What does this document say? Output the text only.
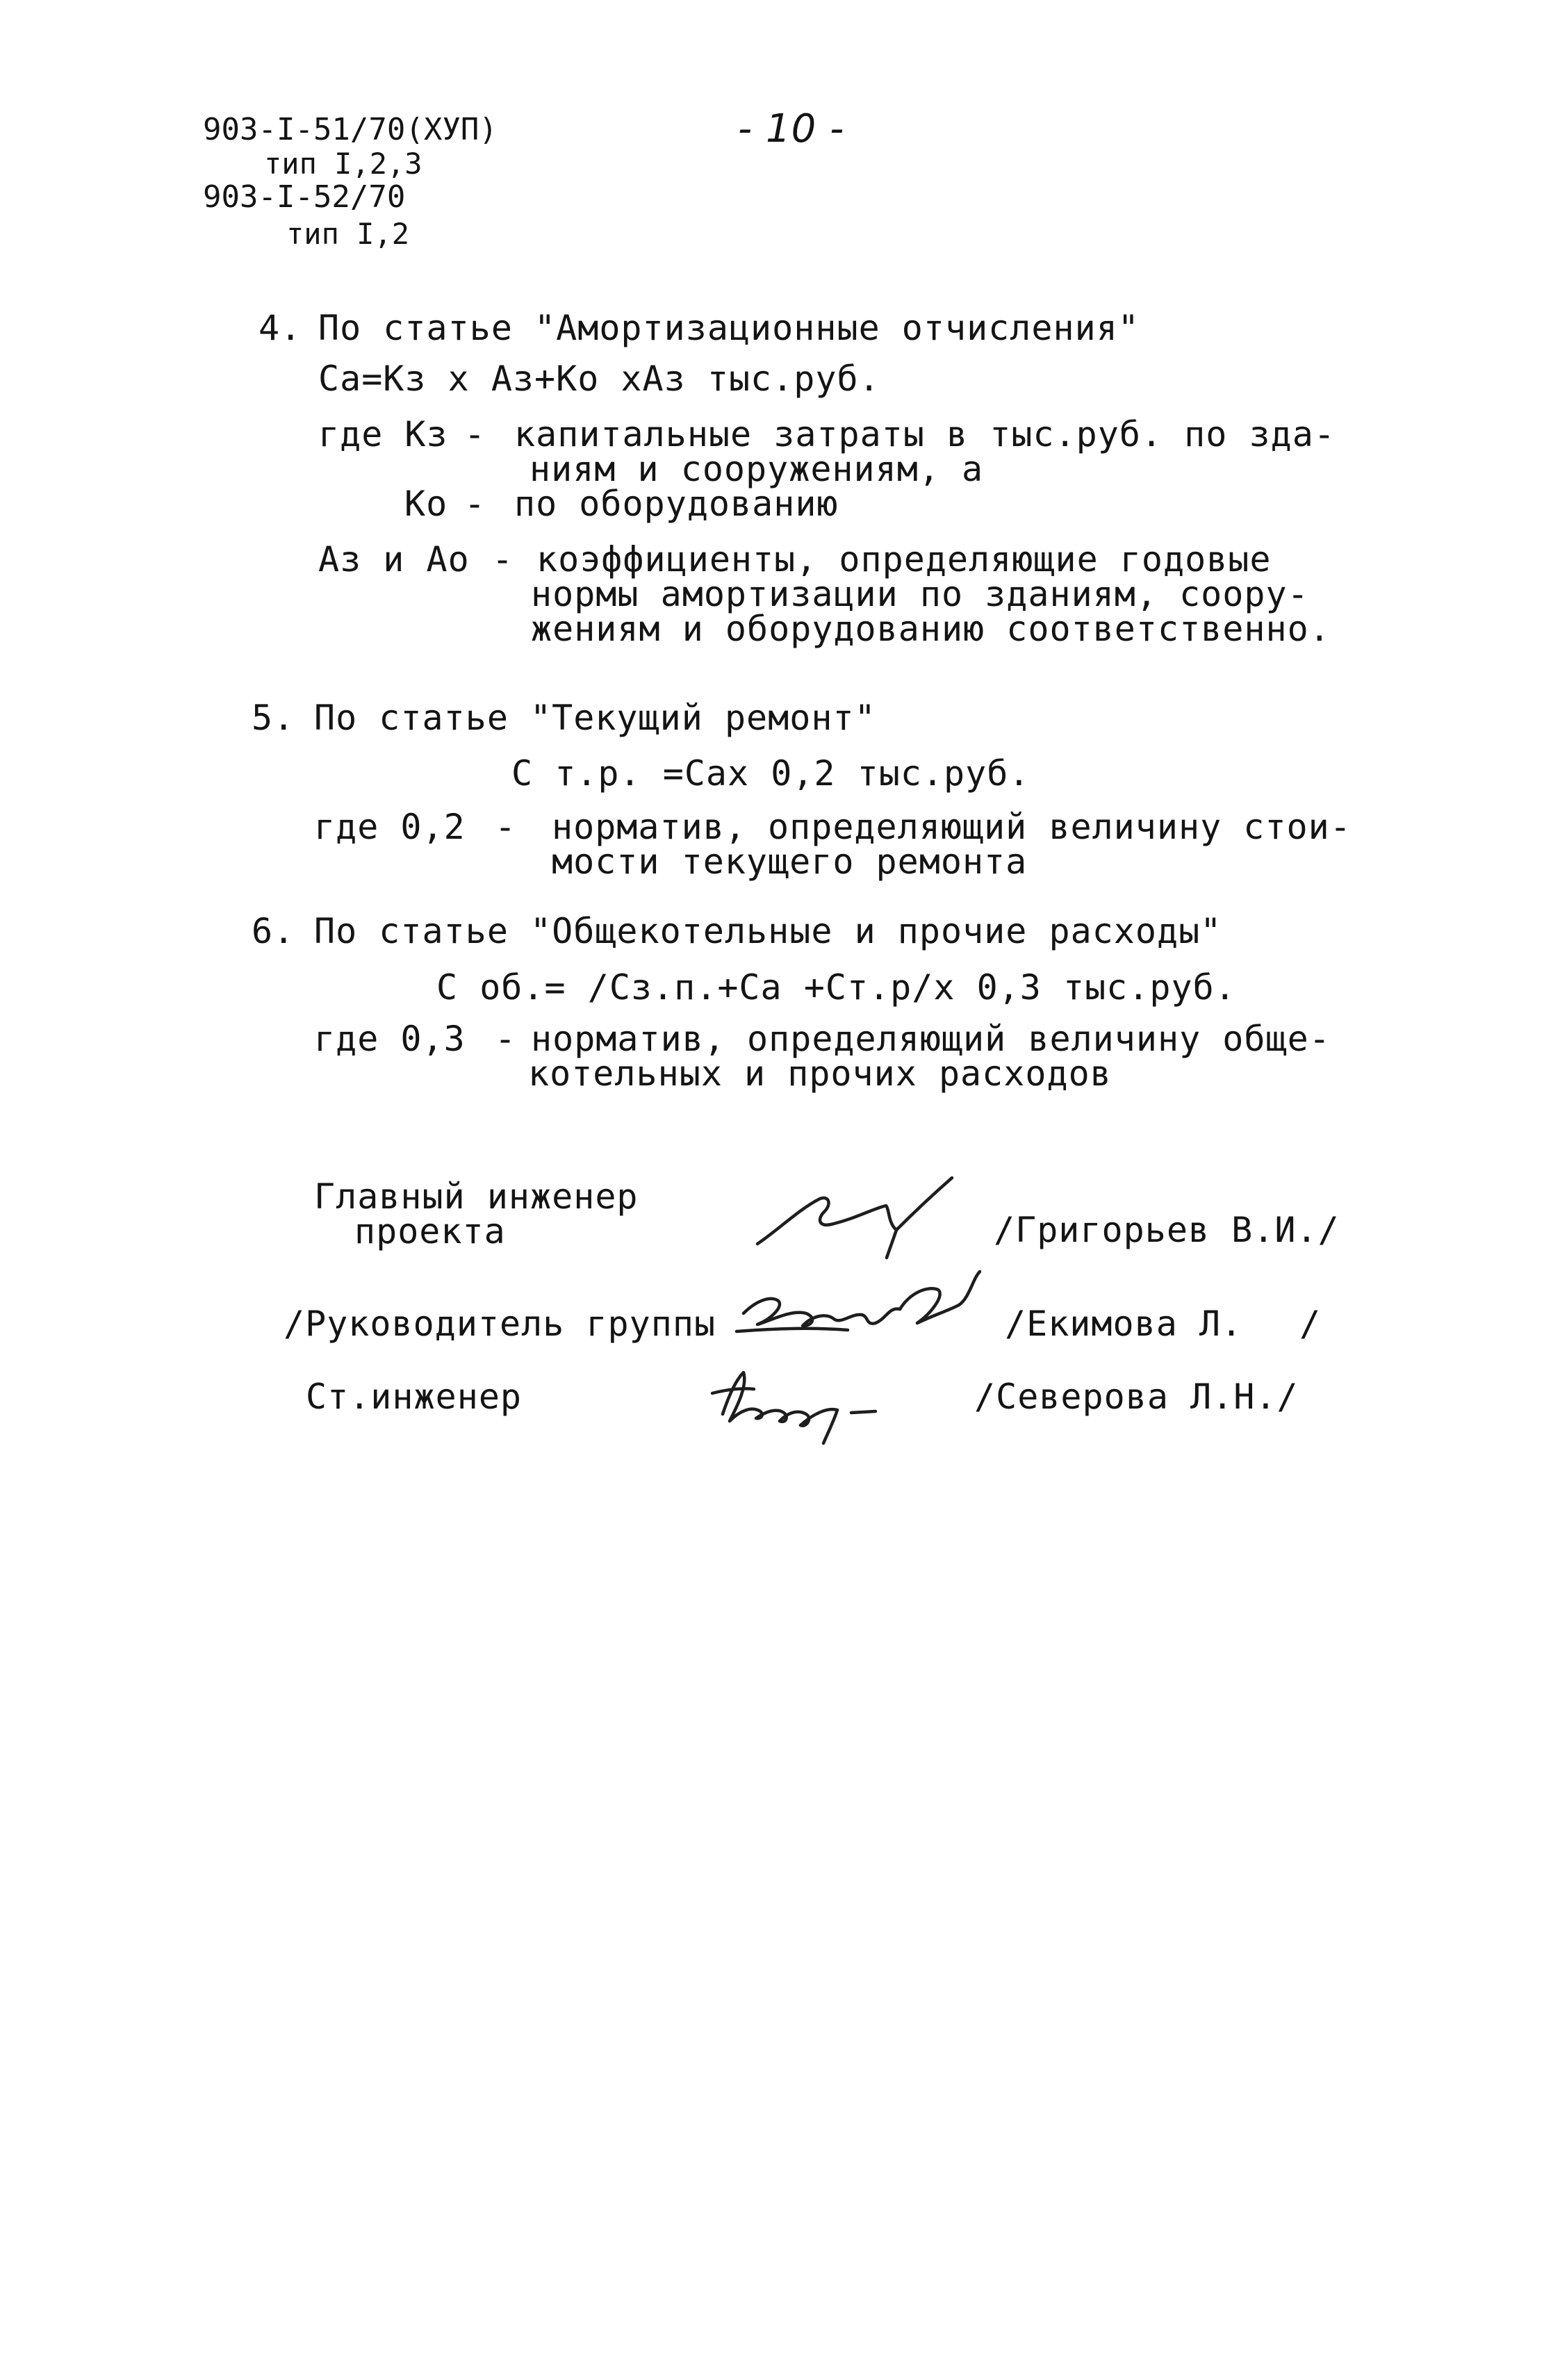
903-I-51/70(XУП)
тип I,2,3
903-I-52/70
тип I,2
- 10 -
4. По статье "Амортизационные отчисления"
Са=Кз х Аз+Ко хАз тыс.руб.
где Кз - капитальные затраты в тыс.руб. по зда-
ниям и сооружениям, а
Ко - по оборудованию
Аз и Ао - коэффициенты, определяющие годовые
нормы амортизации по зданиям, соору-
жениям и оборудованию соответственно.
5. По статье "Текущий ремонт"
С т.р. =Сах 0,2 тыс.руб.
где 0,2 - норматив, определяющий величину стои-
мости текущего ремонта
6. По статье "Общекотельные и прочие расходы"
С об.= /Сз.п.+Са +Ст.р/х 0,3 тыс.руб.
где 0,3 - норматив, определяющий величину обще-
котельных и прочих расходов
Главный инженер
проекта	/Григорьев В.И./
/Руководитель группы	/Екимова Л. /
Ст.инженер	/Северова Л.Н./
